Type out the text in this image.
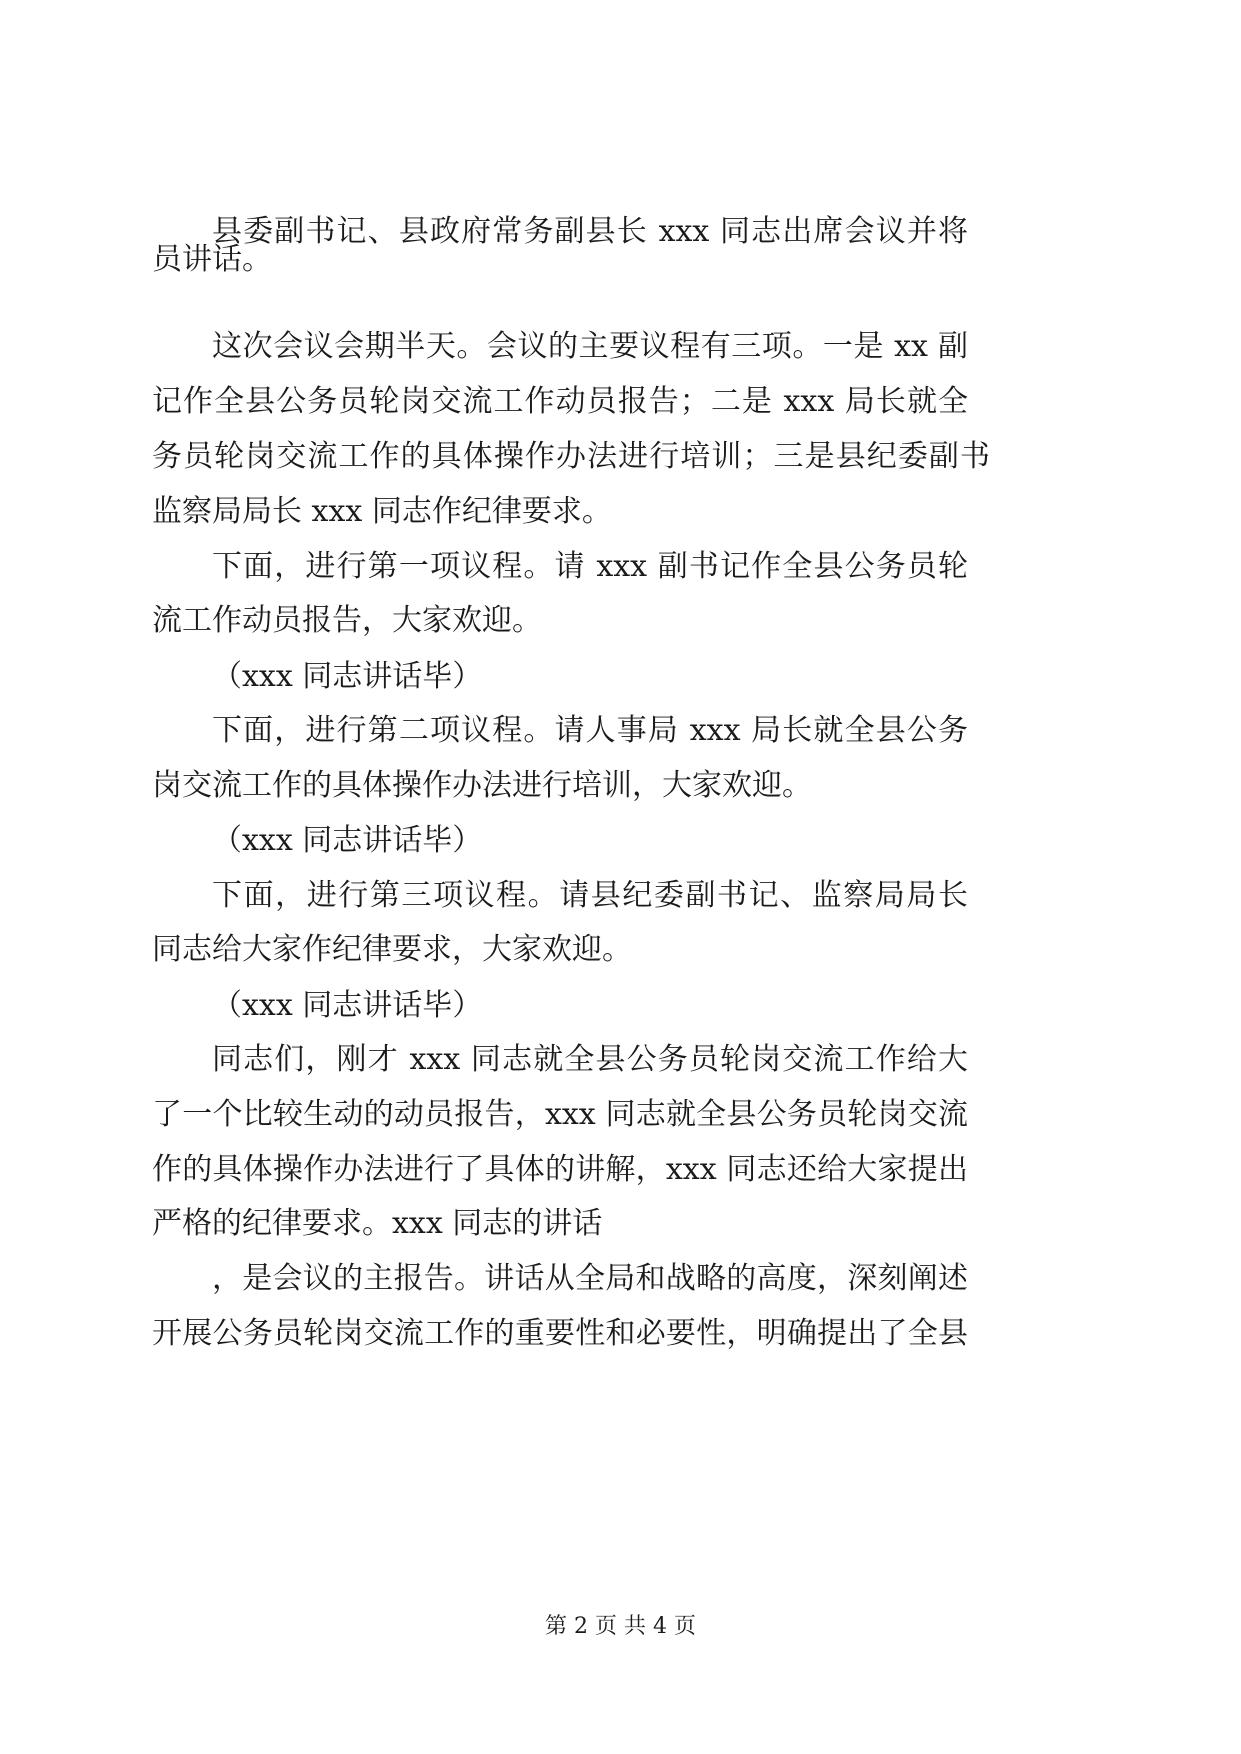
县委副书记、县政府常务副县长 xxx 同志出席会议并将
员讲话。
这次会议会期半天。会议的主要议程有三项。一是 xx 副
记作全县公务员轮岗交流工作动员报告；二是 xxx 局长就全
务员轮岗交流工作的具体操作办法进行培训；三是县纪委副书
监察局局长 xxx 同志作纪律要求。
下面，进行第一项议程。请 xxx 副书记作全县公务员轮
流工作动员报告，大家欢迎。
（xxx 同志讲话毕）
下面，进行第二项议程。请人事局 xxx 局长就全县公务
岗交流工作的具体操作办法进行培训，大家欢迎。
（xxx 同志讲话毕）
下面，进行第三项议程。请县纪委副书记、监察局局长
同志给大家作纪律要求，大家欢迎。
（xxx 同志讲话毕）
同志们，刚才 xxx 同志就全县公务员轮岗交流工作给大
了一个比较生动的动员报告，xxx 同志就全县公务员轮岗交流
作的具体操作办法进行了具体的讲解，xxx 同志还给大家提出
严格的纪律要求。xxx 同志的讲话
，是会议的主报告。讲话从全局和战略的高度，深刻阐述
开展公务员轮岗交流工作的重要性和必要性，明确提出了全县
第 2 页 共 4 页
